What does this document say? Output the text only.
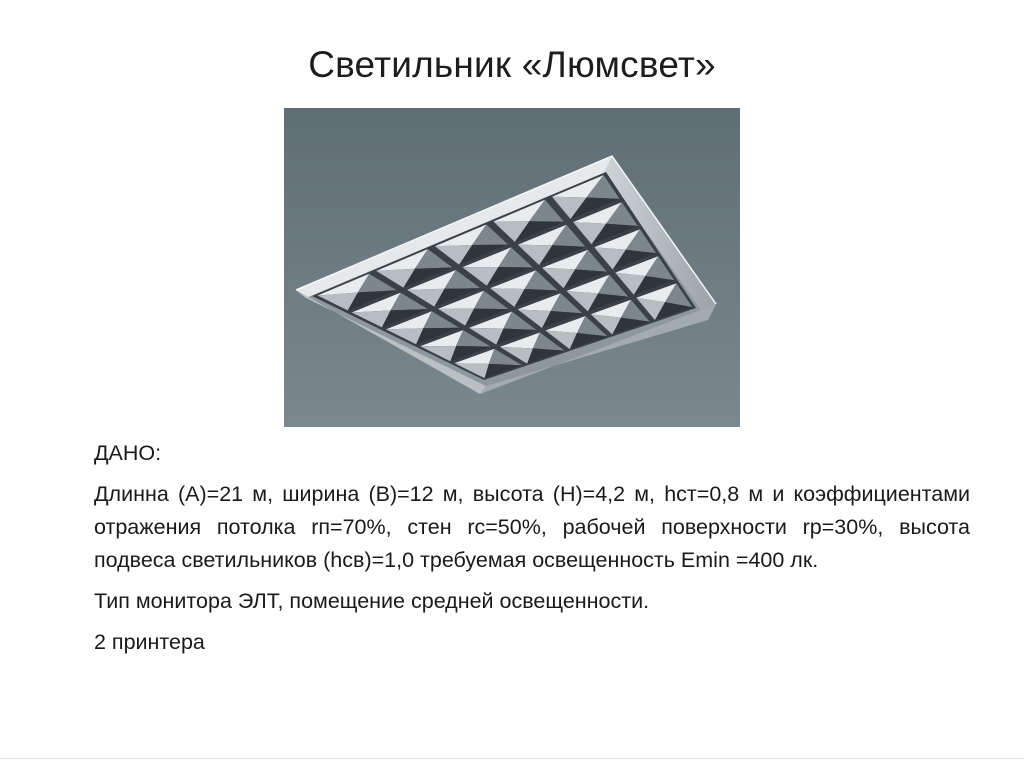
Светильник «Люмсвет»

ДАНО:

Длинна (А)=21 м, ширина (В)=12 м, высота (Н)=4,2 м, hст=0,8 м и коэффициентами отражения потолка rп=70%, стен rс=50%, рабочей поверхности rр=30%, высота подвеса светильников (hсв)=1,0 требуемая освещенность Emin =400 лк.

Тип монитора ЭЛТ, помещение средней освещенности.

2 принтера
